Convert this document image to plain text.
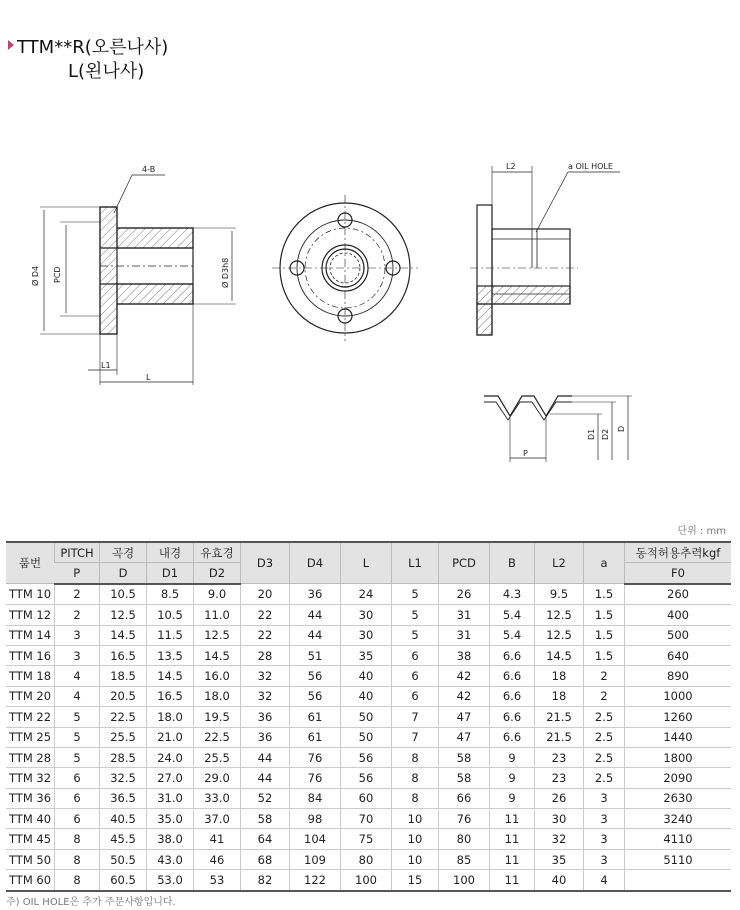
TTM**R(오른나사)
L(왼나사)
4-B
Ø D4 PCD	Ø D3h8
L1
L
L2	a OIL HOLE
P
D1 D2 D
단위 : mm
품번	PITCH	곡경	내경	유효경	D3	D4	L	L1	PCD	B	L2	a	동적허용추력kgf
	P	D	D1	D2									F0
TTM 10	2	10.5	8.5	9.0	20	36	24	5	26	4.3	9.5	1.5	260
TTM 12	2	12.5	10.5	11.0	22	44	30	5	31	5.4	12.5	1.5	400
TTM 14	3	14.5	11.5	12.5	22	44	30	5	31	5.4	12.5	1.5	500
TTM 16	3	16.5	13.5	14.5	28	51	35	6	38	6.6	14.5	1.5	640
TTM 18	4	18.5	14.5	16.0	32	56	40	6	42	6.6	18	2	890
TTM 20	4	20.5	16.5	18.0	32	56	40	6	42	6.6	18	2	1000
TTM 22	5	22.5	18.0	19.5	36	61	50	7	47	6.6	21.5	2.5	1260
TTM 25	5	25.5	21.0	22.5	36	61	50	7	47	6.6	21.5	2.5	1440
TTM 28	5	28.5	24.0	25.5	44	76	56	8	58	9	23	2.5	1800
TTM 32	6	32.5	27.0	29.0	44	76	56	8	58	9	23	2.5	2090
TTM 36	6	36.5	31.0	33.0	52	84	60	8	66	9	26	3	2630
TTM 40	6	40.5	35.0	37.0	58	98	70	10	76	11	30	3	3240
TTM 45	8	45.5	38.0	41	64	104	75	10	80	11	32	3	4110
TTM 50	8	50.5	43.0	46	68	109	80	10	85	11	35	3	5110
TTM 60	8	60.5	53.0	53	82	122	100	15	100	11	40	4	
주) OIL HOLE은 추가 주문사항입니다.
